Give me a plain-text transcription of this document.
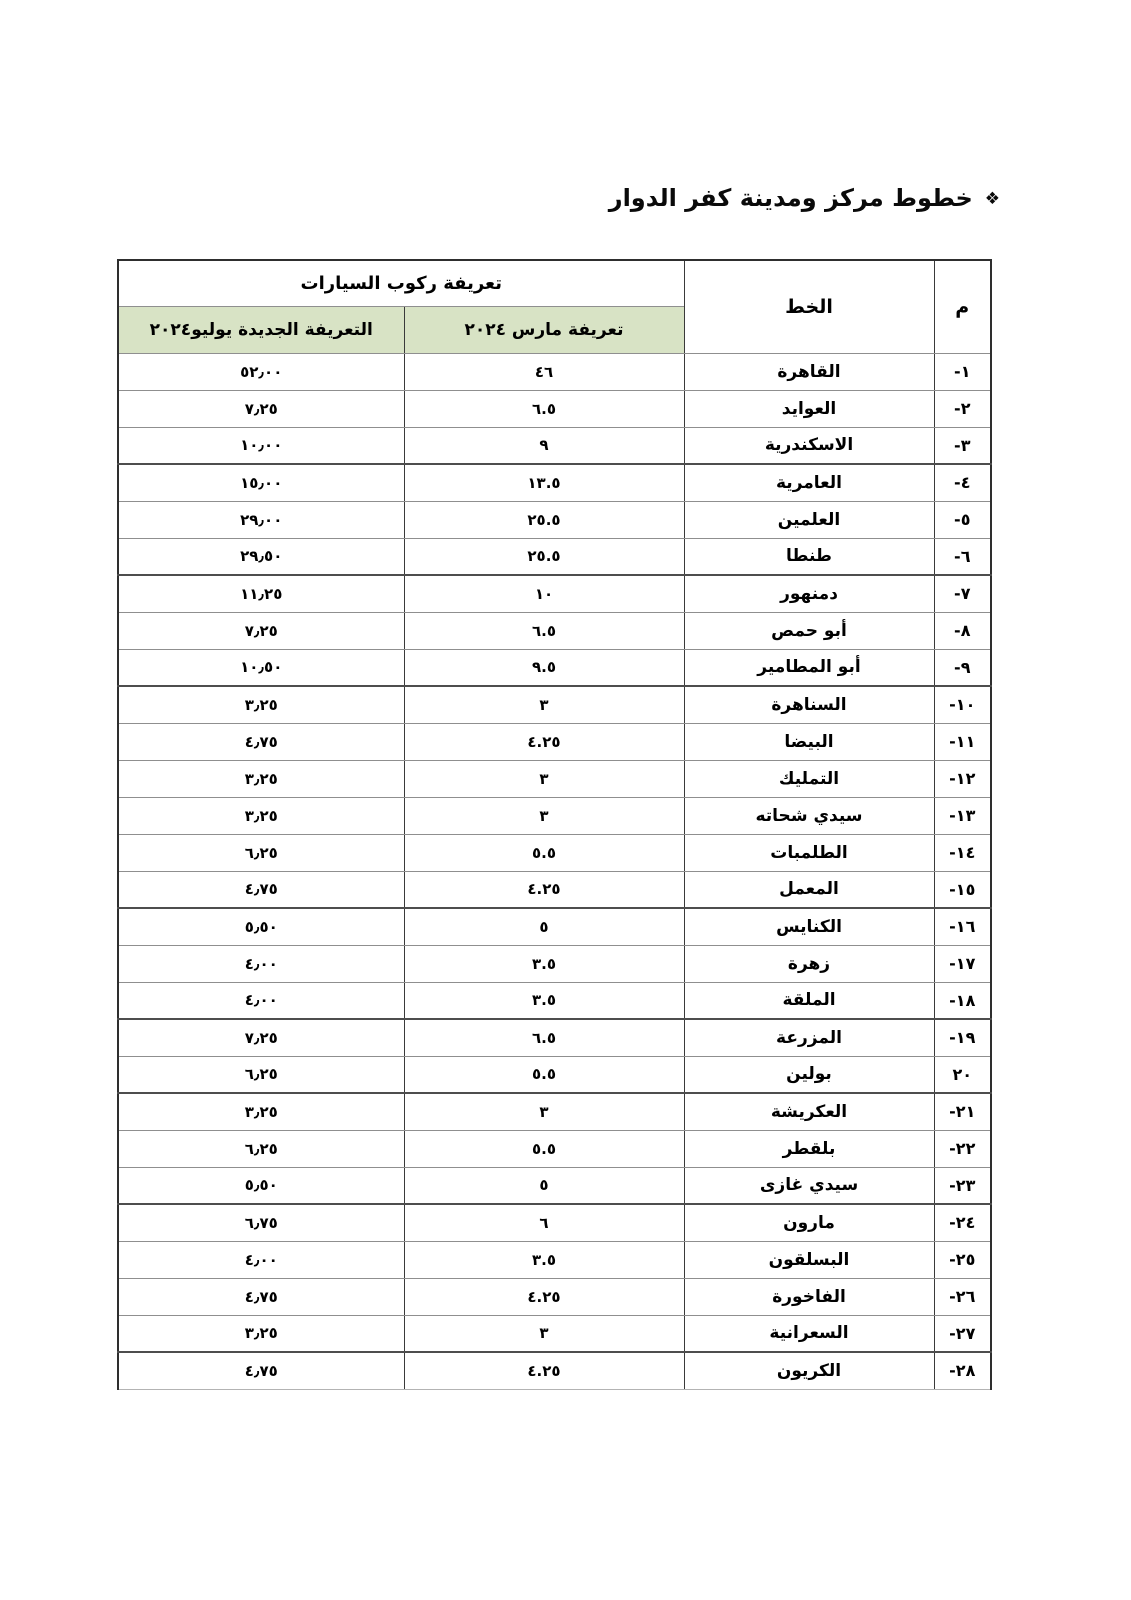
❖
خطوط مركز ومدينة كفر الدوار
م	الخط	تعريفة ركوب السيارات	
		تعريفة مارس ٢٠٢٤	التعريفة الجديدة يوليو٢٠٢٤
١-	القاهرة	٤٦	٥٢٫٠٠
٢-	العوايد	٦.٥	٧٫٢٥
٣-	الاسكندرية	٩	١٠٫٠٠
٤-	العامرية	١٣.٥	١٥٫٠٠
٥-	العلمين	٢٥.٥	٢٩٫٠٠
٦-	طنطا	٢٥.٥	٢٩٫٥٠
٧-	دمنهور	١٠	١١٫٢٥
٨-	أبو حمص	٦.٥	٧٫٢٥
٩-	أبو المطامير	٩.٥	١٠٫٥٠
١٠-	السناهرة	٣	٣٫٢٥
١١-	البيضا	٤.٢٥	٤٫٧٥
١٢-	التمليك	٣	٣٫٢٥
١٣-	سيدي شحاته	٣	٣٫٢٥
١٤-	الطلمبات	٥.٥	٦٫٢٥
١٥-	المعمل	٤.٢٥	٤٫٧٥
١٦-	الكنايس	٥	٥٫٥٠
١٧-	زهرة	٣.٥	٤٫٠٠
١٨-	الملقة	٣.٥	٤٫٠٠
١٩-	المزرعة	٦.٥	٧٫٢٥
٢٠	بولين	٥.٥	٦٫٢٥
٢١-	العكريشة	٣	٣٫٢٥
٢٢-	بلقطر	٥.٥	٦٫٢٥
٢٣-	سيدي غازى	٥	٥٫٥٠
٢٤-	مارون	٦	٦٫٧٥
٢٥-	البسلقون	٣.٥	٤٫٠٠
٢٦-	الفاخورة	٤.٢٥	٤٫٧٥
٢٧-	السعرانية	٣	٣٫٢٥
٢٨-	الكريون	٤.٢٥	٤٫٧٥
